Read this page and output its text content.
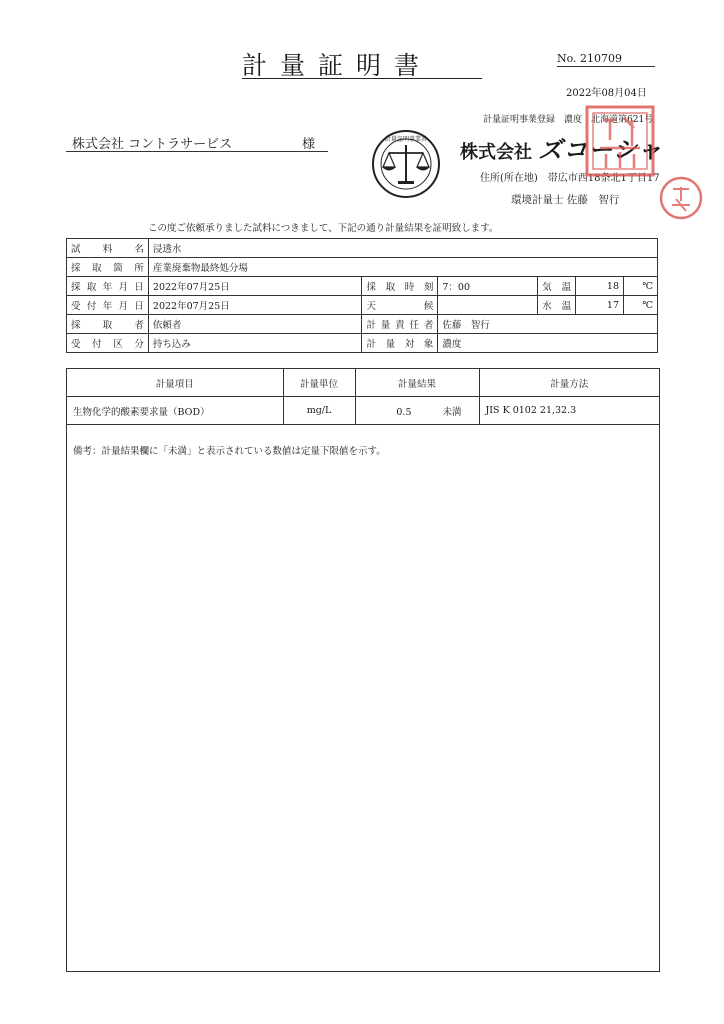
計量証明書	No. 210709
2022年08月04日
株式会社 コントラサービス	様	計量証明事業者
計量証明事業登録　濃度　北海道第621号
株式会社 ズコーシャ
住所(所在地)　帯広市西18条北1丁目17
環境計量士 佐藤　智行
この度ご依頼承りました試料につきまして、下記の通り計量結果を証明致します。
試料名	浸透水					
採取箇所	産業廃棄物最終処分場					
採取年月日	2022年07月25日	採取時刻	7：00	気温	18	℃
受付年月日	2022年07月25日	天候		水温	17	℃
採取者	依頼者	計量責任者	佐藤　智行			
受付区分	持ち込み	計量対象	濃度			
計量項目	計量単位	計量結果	計量方法
生物化学的酸素要求量（BOD）	mg/L	0.5 未満	JIS K 0102 21,32.3
備考：計量結果欄に「未満」と表示されている数値は定量下限値を示す。
